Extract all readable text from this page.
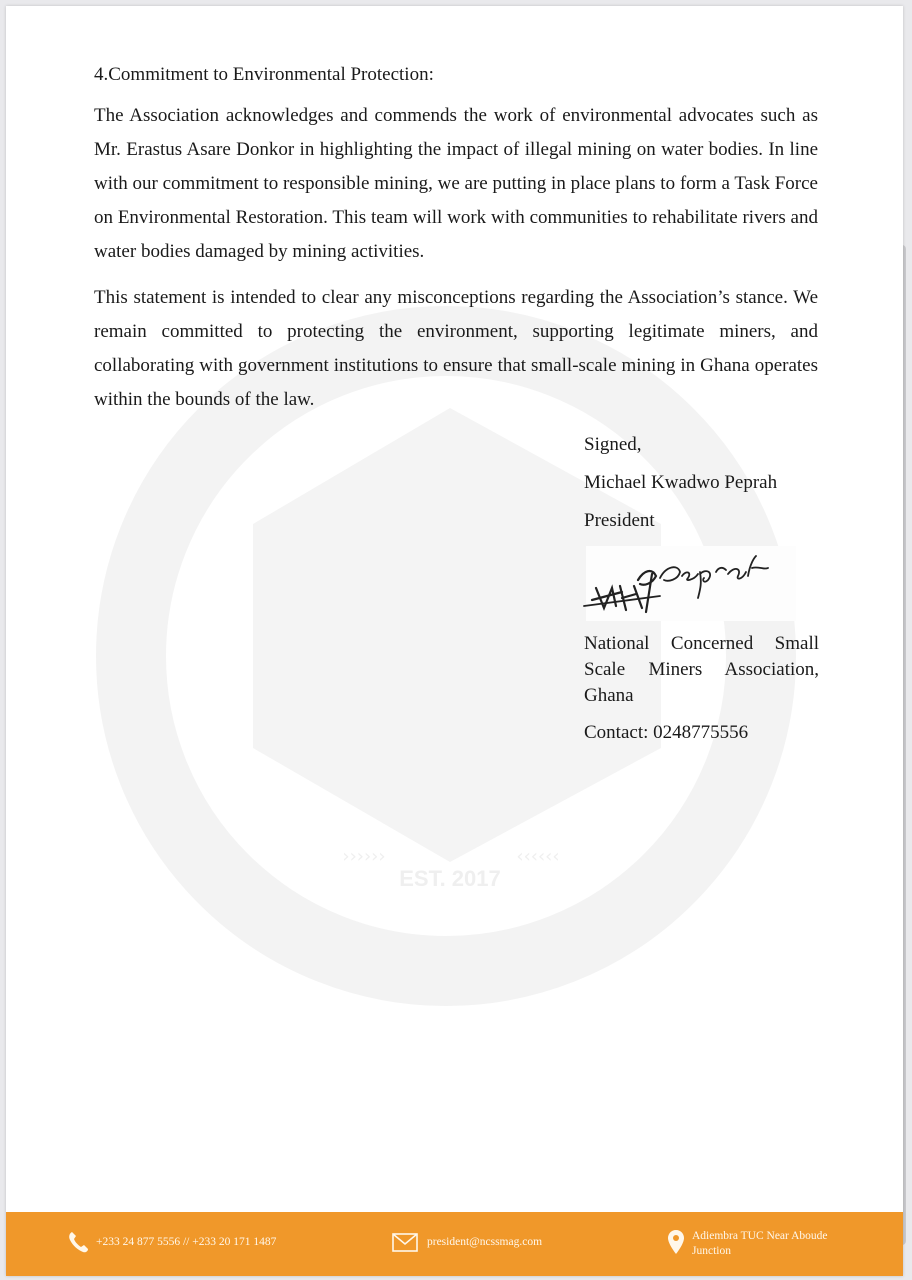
EST. 2017
››››››	‹‹‹‹‹‹
4.Commitment to Environmental Protection:
The Association acknowledges and commends the work of environmental advocates such as Mr. Erastus Asare Donkor in highlighting the impact of illegal mining on water bodies. In line with our commitment to responsible mining, we are putting in place plans to form a Task Force on Environmental Restoration. This team will work with communities to rehabilitate rivers and water bodies damaged by mining activities.
This statement is intended to clear any misconceptions regarding the Association’s stance. We remain committed to protecting the environment, supporting legitimate miners, and collaborating with government institutions to ensure that small-scale mining in Ghana operates within the bounds of the law.
Signed,
Michael Kwadwo Peprah
President
National Concerned Small Scale Miners Association, Ghana
Contact: 0248775556
+233 24 877 5556 // +233 20 171 1487	president@ncssmag.com	Adiembra TUC Near Aboude Junction
